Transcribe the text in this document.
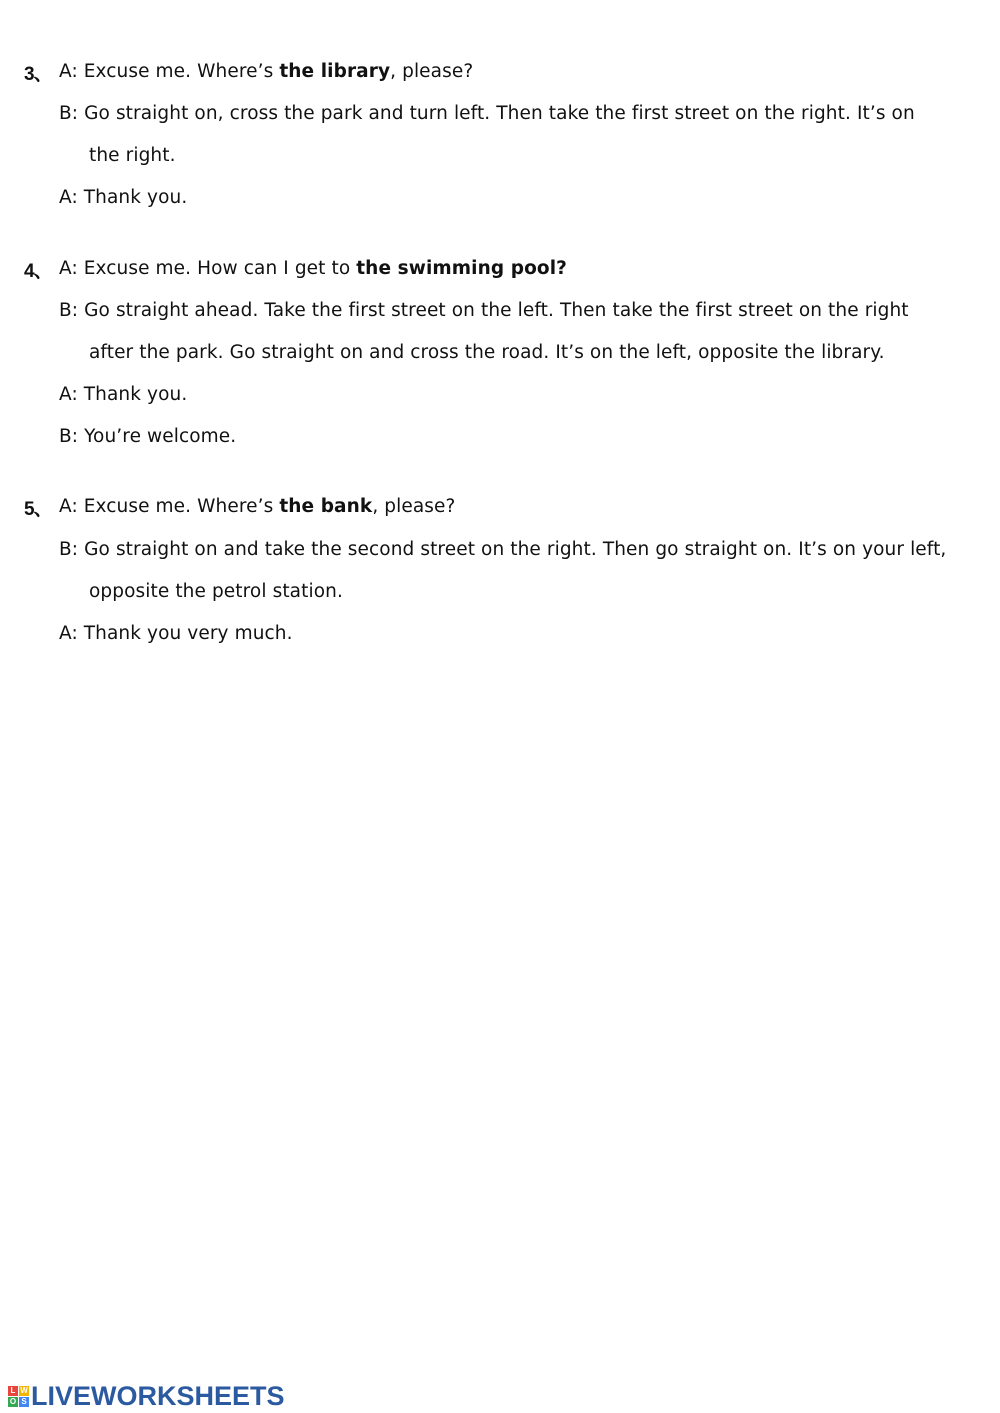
3、 A: Excuse me. Where’s the library, please?
B: Go straight on, cross the park and turn left. Then take the first street on the right. It’s on
the right.
A: Thank you.
4、 A: Excuse me. How can I get to the swimming pool?
B: Go straight ahead. Take the first street on the left. Then take the first street on the right
after the park. Go straight on and cross the road. It’s on the left, opposite the library.
A: Thank you.
B: You’re welcome.
5、 A: Excuse me. Where’s the bank, please?
B: Go straight on and take the second street on the right. Then go straight on. It’s on your left,
opposite the petrol station.
A: Thank you very much.
L W
O S LIVEWORKSHEETS
